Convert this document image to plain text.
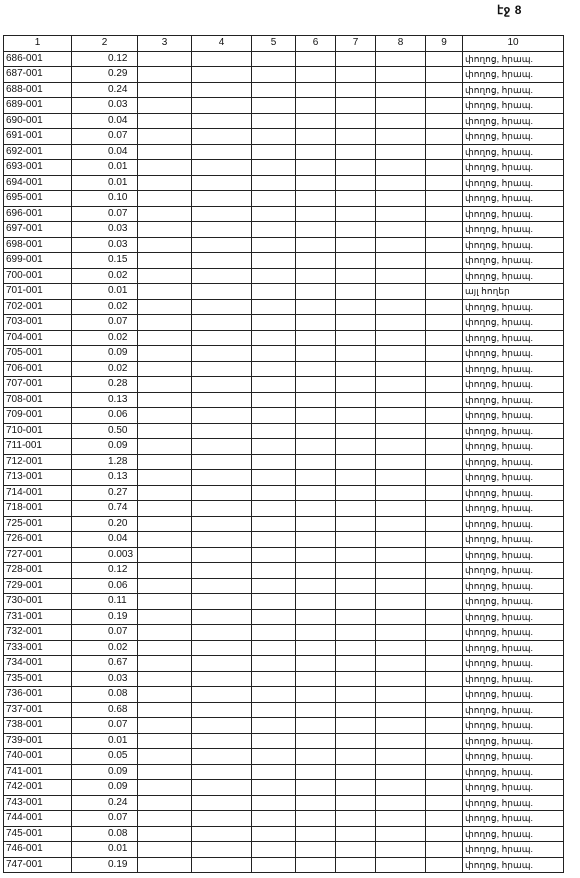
էջ 8
1	2	3	4	5	6	7	8	9	10
686-001	0.12								փողոց, հրապ.
687-001	0.29								փողոց, հրապ.
688-001	0.24								փողոց, հրապ.
689-001	0.03								փողոց, հրապ.
690-001	0.04								փողոց, հրապ.
691-001	0.07								փողոց, հրապ.
692-001	0.04								փողոց, հրապ.
693-001	0.01								փողոց, հրապ.
694-001	0.01								փողոց, հրապ.
695-001	0.10								փողոց, հրապ.
696-001	0.07								փողոց, հրապ.
697-001	0.03								փողոց, հրապ.
698-001	0.03								փողոց, հրապ.
699-001	0.15								փողոց, հրապ.
700-001	0.02								փողոց, հրապ.
701-001	0.01								այլ հողեր
702-001	0.02								փողոց, հրապ.
703-001	0.07								փողոց, հրապ.
704-001	0.02								փողոց, հրապ.
705-001	0.09								փողոց, հրապ.
706-001	0.02								փողոց, հրապ.
707-001	0.28								փողոց, հրապ.
708-001	0.13								փողոց, հրապ.
709-001	0.06								փողոց, հրապ.
710-001	0.50								փողոց, հրապ.
711-001	0.09								փողոց, հրապ.
712-001	1.28								փողոց, հրապ.
713-001	0.13								փողոց, հրապ.
714-001	0.27								փողոց, հրապ.
718-001	0.74								փողոց, հրապ.
725-001	0.20								փողոց, հրապ.
726-001	0.04								փողոց, հրապ.
727-001	0.003								փողոց, հրապ.
728-001	0.12								փողոց, հրապ.
729-001	0.06								փողոց, հրապ.
730-001	0.11								փողոց, հրապ.
731-001	0.19								փողոց, հրապ.
732-001	0.07								փողոց, հրապ.
733-001	0.02								փողոց, հրապ.
734-001	0.67								փողոց, հրապ.
735-001	0.03								փողոց, հրապ.
736-001	0.08								փողոց, հրապ.
737-001	0.68								փողոց, հրապ.
738-001	0.07								փողոց, հրապ.
739-001	0.01								փողոց, հրապ.
740-001	0.05								փողոց, հրապ.
741-001	0.09								փողոց, հրապ.
742-001	0.09								փողոց, հրապ.
743-001	0.24								փողոց, հրապ.
744-001	0.07								փողոց, հրապ.
745-001	0.08								փողոց, հրապ.
746-001	0.01								փողոց, հրապ.
747-001	0.19								փողոց, հրապ.
